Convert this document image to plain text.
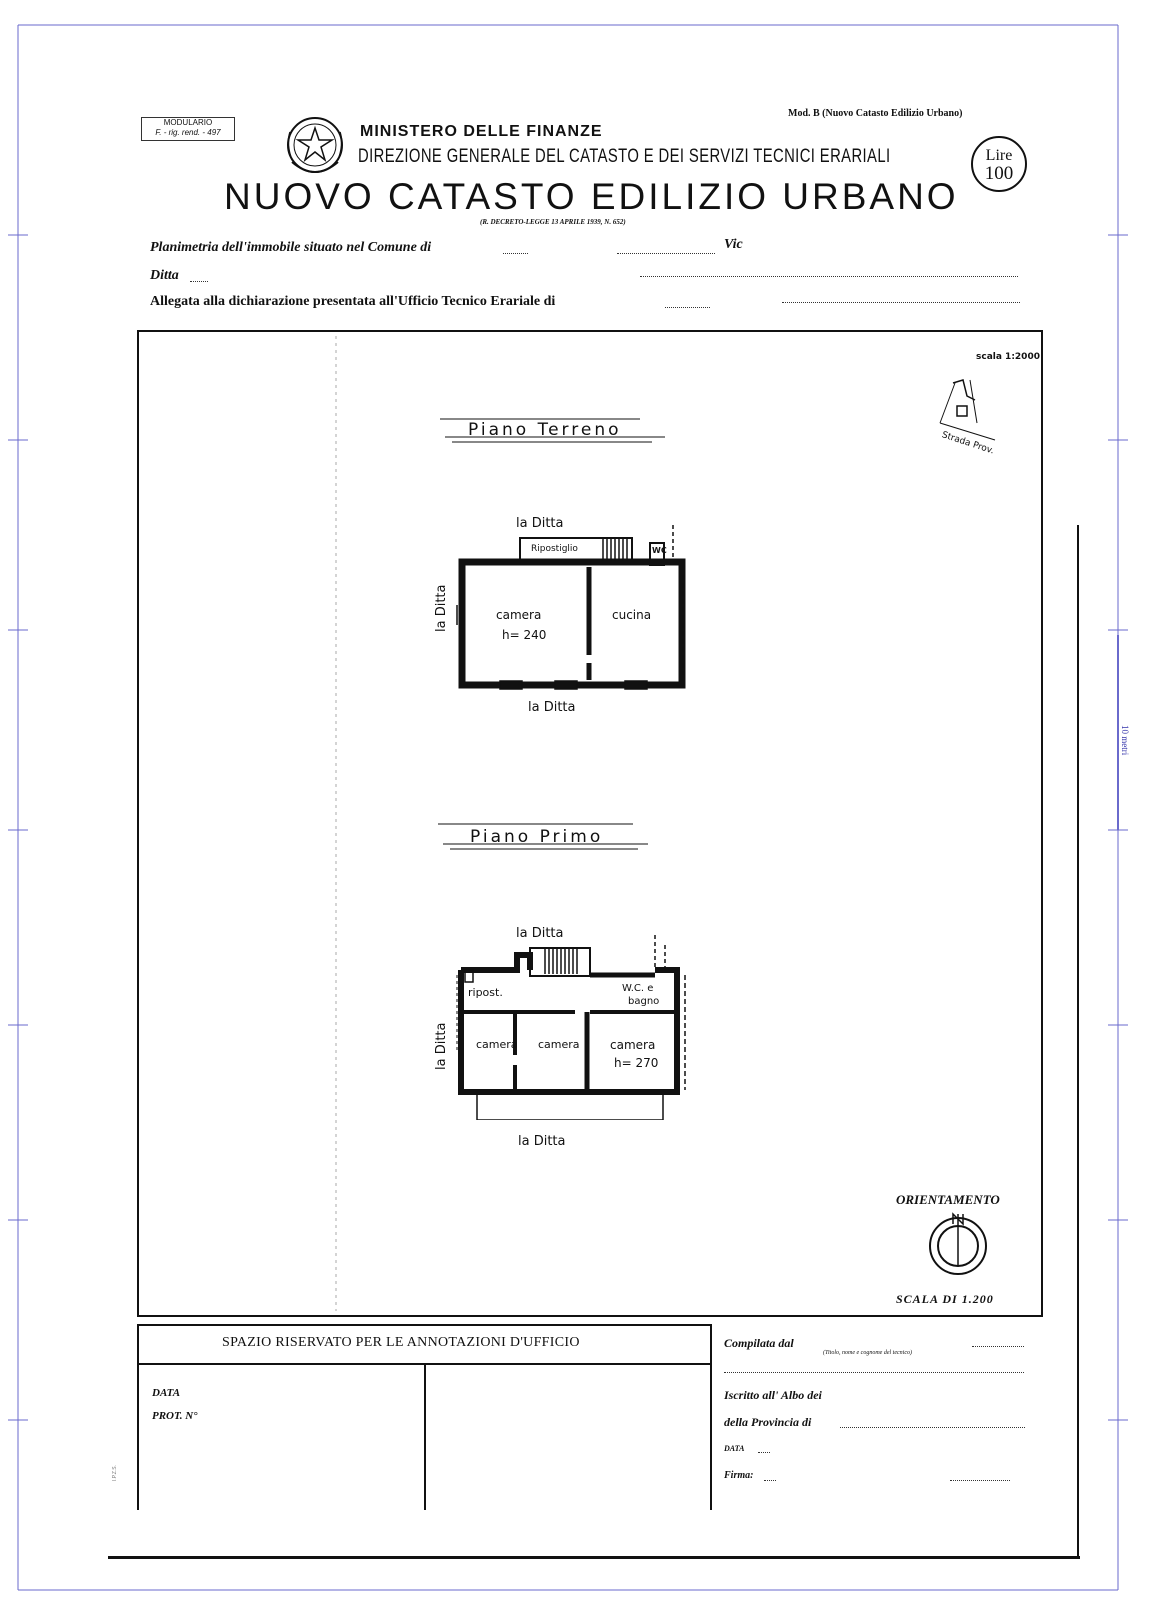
10 metri
MODULARIO
F. - rig. rend. - 497
Mod. B (Nuovo Catasto Edilizio Urbano)
MINISTERO DELLE FINANZE
DIREZIONE GENERALE DEL CATASTO E DEI SERVIZI TECNICI ERARIALI
NUOVO CATASTO EDILIZIO URBANO
(R. DECRETO-LEGGE 13 APRILE 1939, N. 652)
Lire
100
Planimetria dell'immobile situato nel Comune di	Vic
Ditta
Allegata alla dichiarazione presentata all'Ufficio Tecnico Erariale di
scala 1:2000
Strada Prov.
Piano Terreno
la Ditta
Ripostiglio	WC
la Ditta	camera
h= 240
cucina
la Ditta
Piano Primo
la Ditta
ripost.	W.C. e
bagno
la Ditta camera camera	camera
h= 270
la Ditta
ORIENTAMENTO
SCALA DI 1.200
SPAZIO RISERVATO PER LE ANNOTAZIONI D'UFFICIO
DATA
PROT. N°
I.P.Z.S.
Compilata dal
(Titolo, nome e cognome del tecnico)
Iscritto all' Albo dei
della Provincia di
DATA
Firma:
